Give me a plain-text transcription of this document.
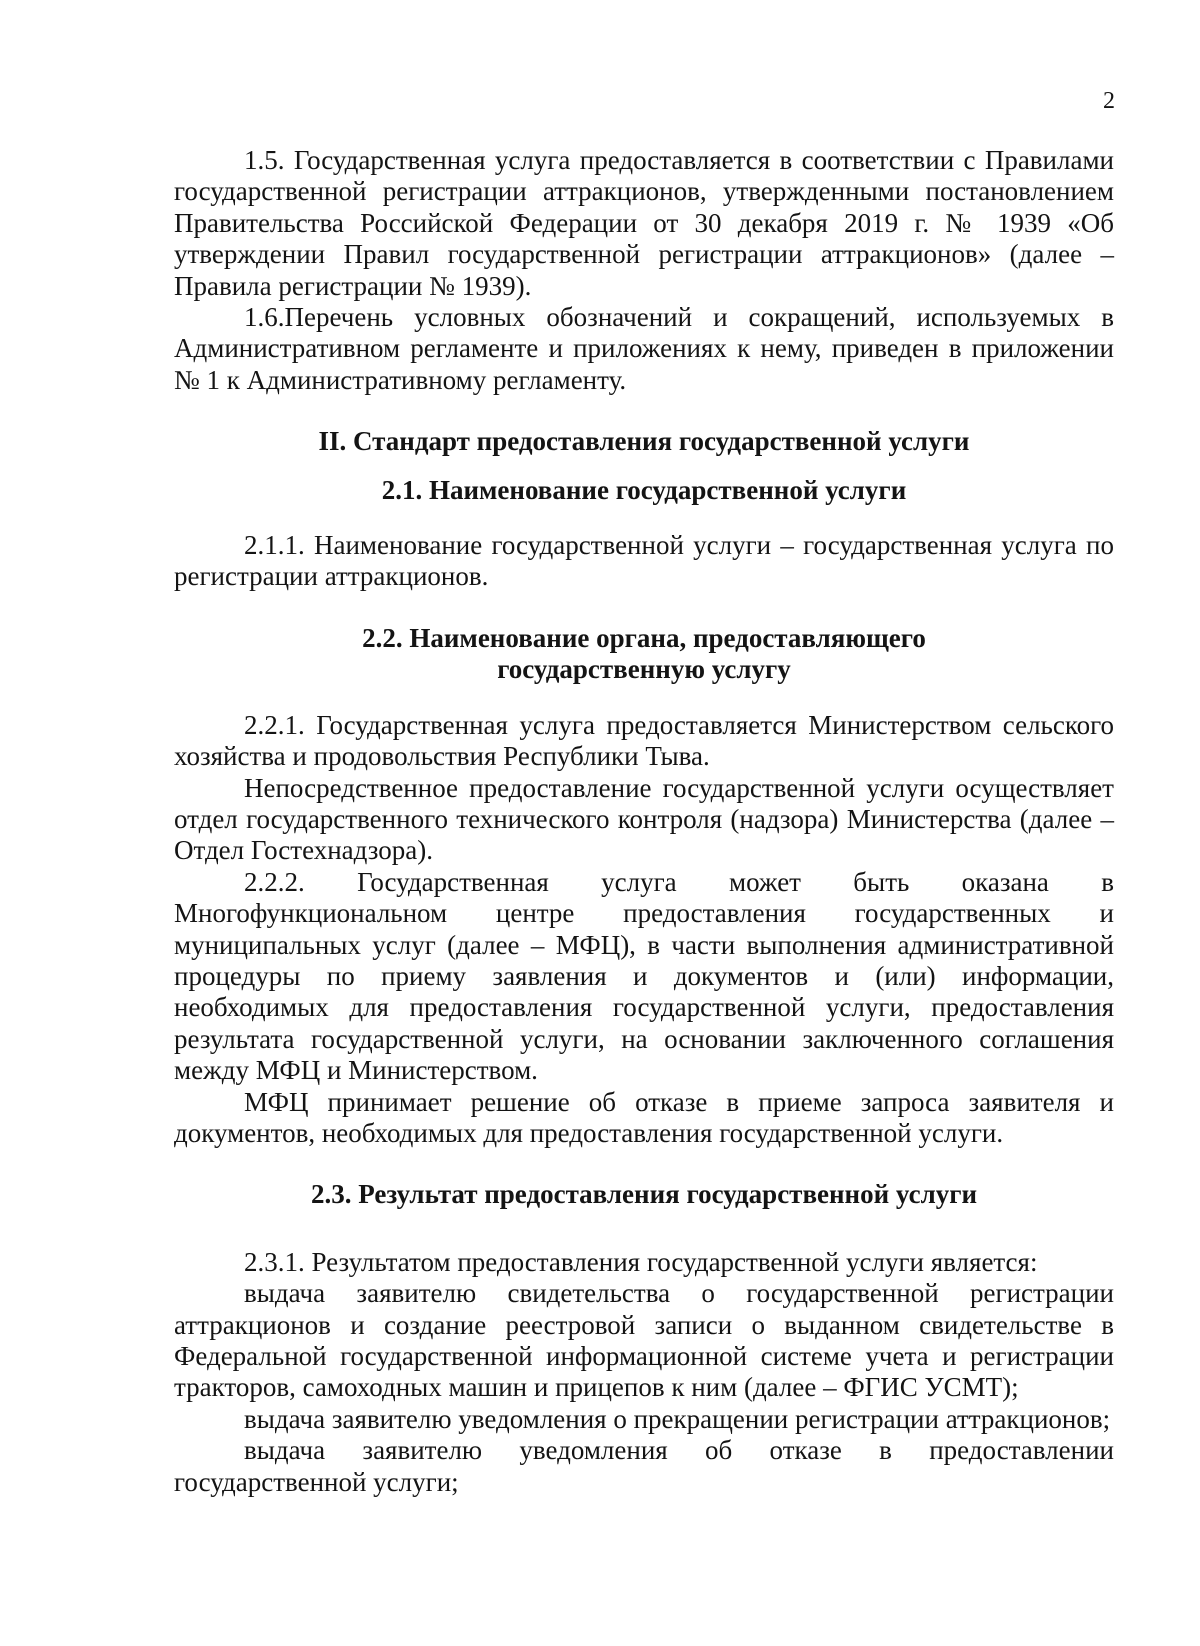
2

1.5. Государственная услуга предоставляется в соответствии с Правилами государственной регистрации аттракционов, утвержденными постановлением Правительства Российской Федерации от 30 декабря 2019 г. № 1939 «Об утверждении Правил государственной регистрации аттракционов» (далее – Правила регистрации № 1939).

1.6.Перечень условных обозначений и сокращений, используемых в Административном регламенте и приложениях к нему, приведен в приложении № 1 к Административному регламенту.

II. Стандарт предоставления государственной услуги
2.1. Наименование государственной услуги

2.1.1. Наименование государственной услуги – государственная услуга по регистрации аттракционов.

2.2. Наименование органа, предоставляющего
государственную услугу

2.2.1. Государственная услуга предоставляется Министерством сельского хозяйства и продовольствия Республики Тыва.

Непосредственное предоставление государственной услуги осуществляет отдел государственного технического контроля (надзора) Министерства (далее – Отдел Гостехнадзора).

2.2.2. Государственная услуга может быть оказана в Многофункциональном центре предоставления государственных и муниципальных услуг (далее – МФЦ), в части выполнения административной процедуры по приему заявления и документов и (или) информации, необходимых для предоставления государственной услуги, предоставления результата государственной услуги, на основании заключенного соглашения между МФЦ и Министерством.

МФЦ принимает решение об отказе в приеме запроса заявителя и документов, необходимых для предоставления государственной услуги.

2.3. Результат предоставления государственной услуги

2.3.1. Результатом предоставления государственной услуги является:

выдача заявителю свидетельства о государственной регистрации аттракционов и создание реестровой записи о выданном свидетельстве в Федеральной государственной информационной системе учета и регистрации тракторов, самоходных машин и прицепов к ним (далее – ФГИС УСМТ);

выдача заявителю уведомления о прекращении регистрации аттракционов;

выдача заявителю уведомления об отказе в предоставлении государственной услуги;
